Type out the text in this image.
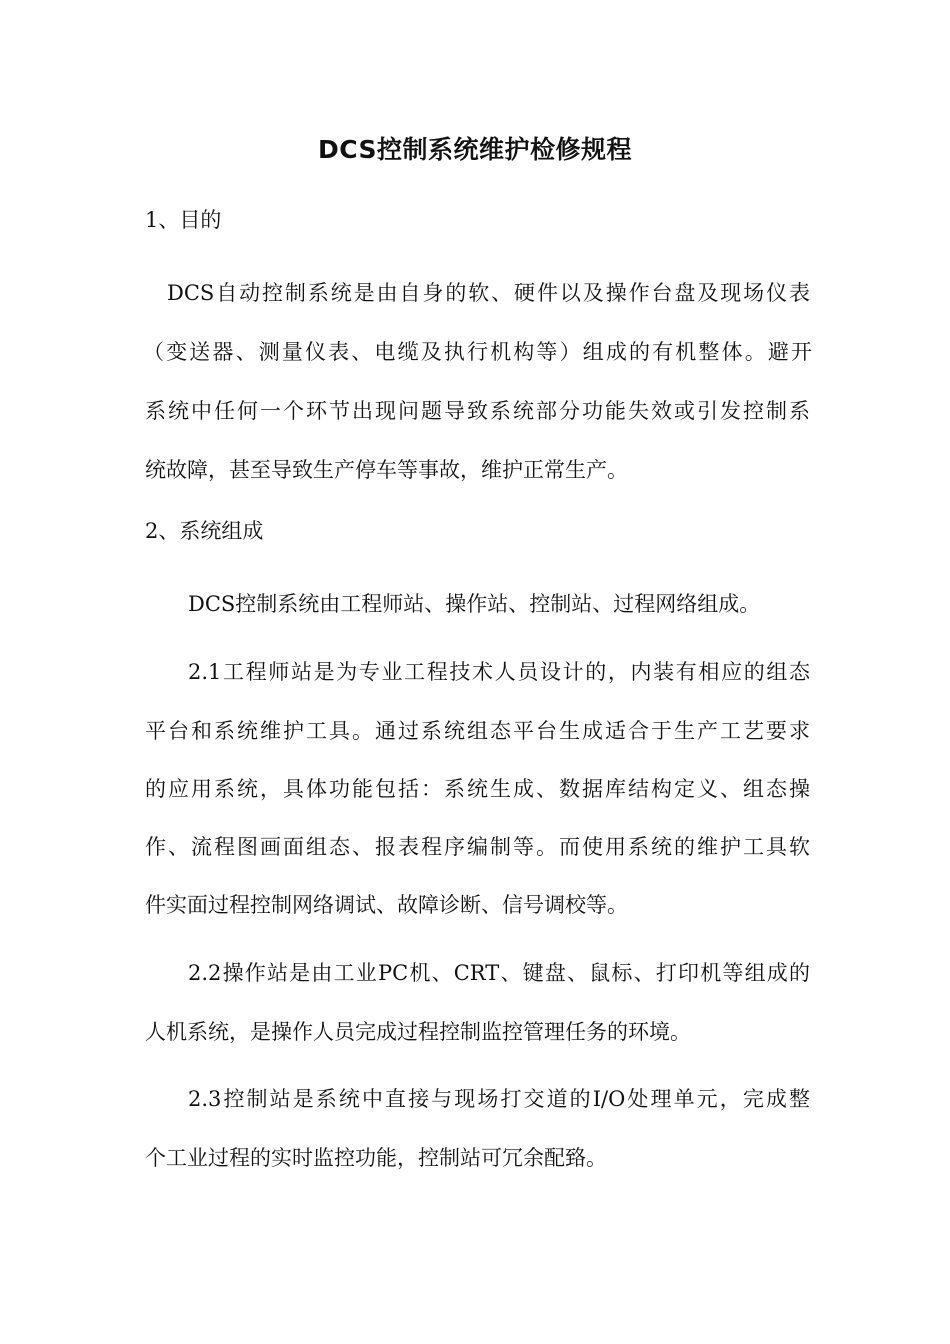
DCS控制系统维护检修规程
1、目的
DCS自动控制系统是由自身的软、硬件以及操作台盘及现场仪表
（变送器、测量仪表、电缆及执行机构等）组成的有机整体。避开
系统中任何一个环节出现问题导致系统部分功能失效或引发控制系
统故障，甚至导致生产停车等事故，维护正常生产。
2、系统组成
DCS控制系统由工程师站、操作站、控制站、过程网络组成。
2.1工程师站是为专业工程技术人员设计的，内装有相应的组态
平台和系统维护工具。通过系统组态平台生成适合于生产工艺要求
的应用系统，具体功能包括：系统生成、数据库结构定义、组态操
作、流程图画面组态、报表程序编制等。而使用系统的维护工具软
件实面过程控制网络调试、故障诊断、信号调校等。
2.2操作站是由工业PC机、CRT、键盘、鼠标、打印机等组成的
人机系统，是操作人员完成过程控制监控管理任务的环境。
2.3控制站是系统中直接与现场打交道的I/O处理单元，完成整
个工业过程的实时监控功能，控制站可冗余配臵。
